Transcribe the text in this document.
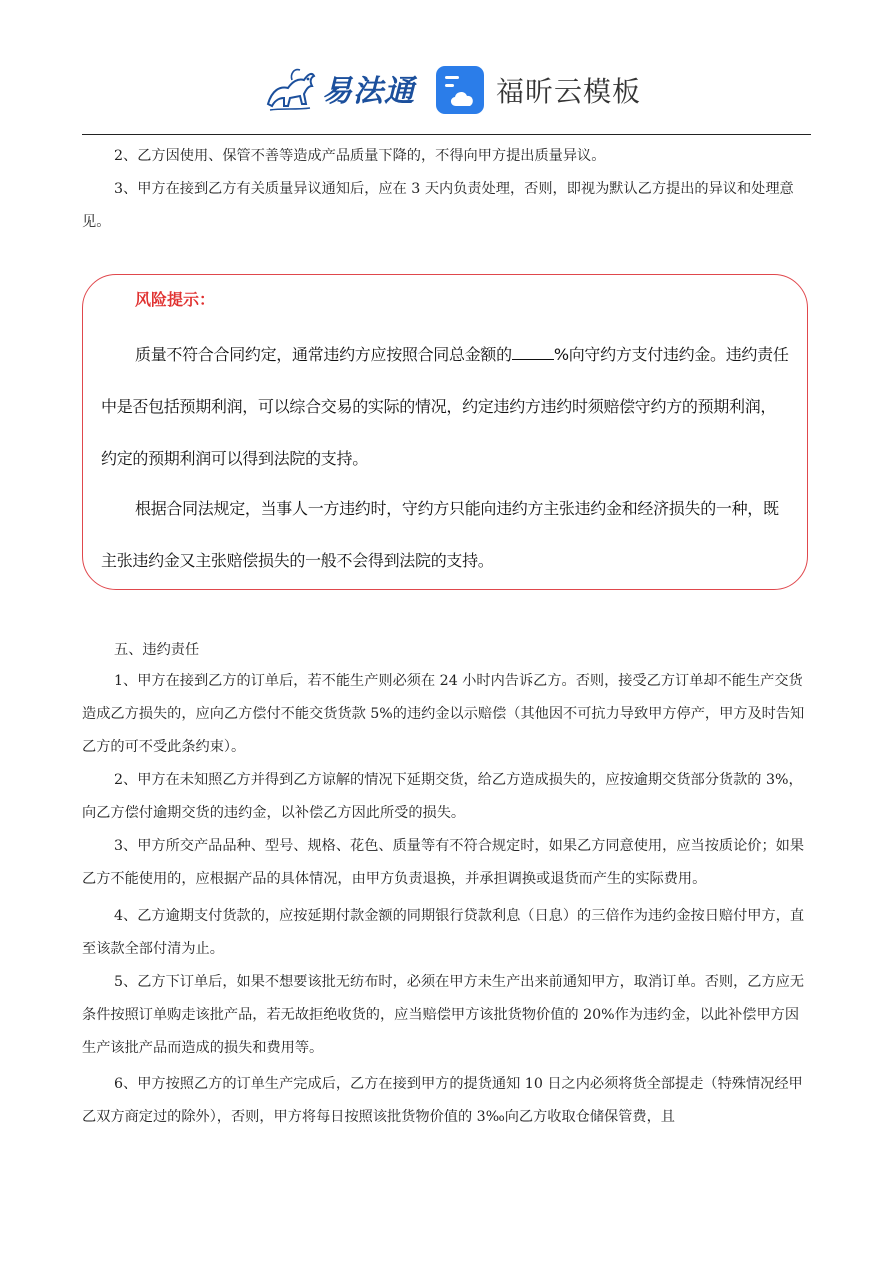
易法通	福昕云模板

2、乙方因使用、保管不善等造成产品质量下降的，不得向甲方提出质量异议。

3、甲方在接到乙方有关质量异议通知后，应在 3 天内负责处理，否则，即视为默认乙方提出的异议和处理意见。

风险提示：

质量不符合合同约定，通常违约方应按照合同总金额的	%向守约方支付违约金。违约责任中是否包括预期利润，可以综合交易的实际的情况，约定违约方违约时须赔偿守约方的预期利润，约定的预期利润可以得到法院的支持。

根据合同法规定，当事人一方违约时，守约方只能向违约方主张违约金和经济损失的一种，既主张违约金又主张赔偿损失的一般不会得到法院的支持。

五、违约责任

1、甲方在接到乙方的订单后，若不能生产则必须在 24 小时内告诉乙方。否则，接受乙方订单却不能生产交货造成乙方损失的，应向乙方偿付不能交货货款 5%的违约金以示赔偿（其他因不可抗力导致甲方停产，甲方及时告知乙方的可不受此条约束）。

2、甲方在未知照乙方并得到乙方谅解的情况下延期交货，给乙方造成损失的，应按逾期交货部分货款的 3%，向乙方偿付逾期交货的违约金，以补偿乙方因此所受的损失。

3、甲方所交产品品种、型号、规格、花色、质量等有不符合规定时，如果乙方同意使用，应当按质论价；如果乙方不能使用的，应根据产品的具体情况，由甲方负责退换，并承担调换或退货而产生的实际费用。

4、乙方逾期支付货款的，应按延期付款金额的同期银行贷款利息（日息）的三倍作为违约金按日赔付甲方，直至该款全部付清为止。

5、乙方下订单后，如果不想要该批无纺布时，必须在甲方未生产出来前通知甲方，取消订单。否则，乙方应无条件按照订单购走该批产品，若无故拒绝收货的，应当赔偿甲方该批货物价值的 20%作为违约金，以此补偿甲方因生产该批产品而造成的损失和费用等。

6、甲方按照乙方的订单生产完成后，乙方在接到甲方的提货通知 10 日之内必须将货全部提走（特殊情况经甲乙双方商定过的除外），否则，甲方将每日按照该批货物价值的 3‰向乙方收取仓储保管费，且
